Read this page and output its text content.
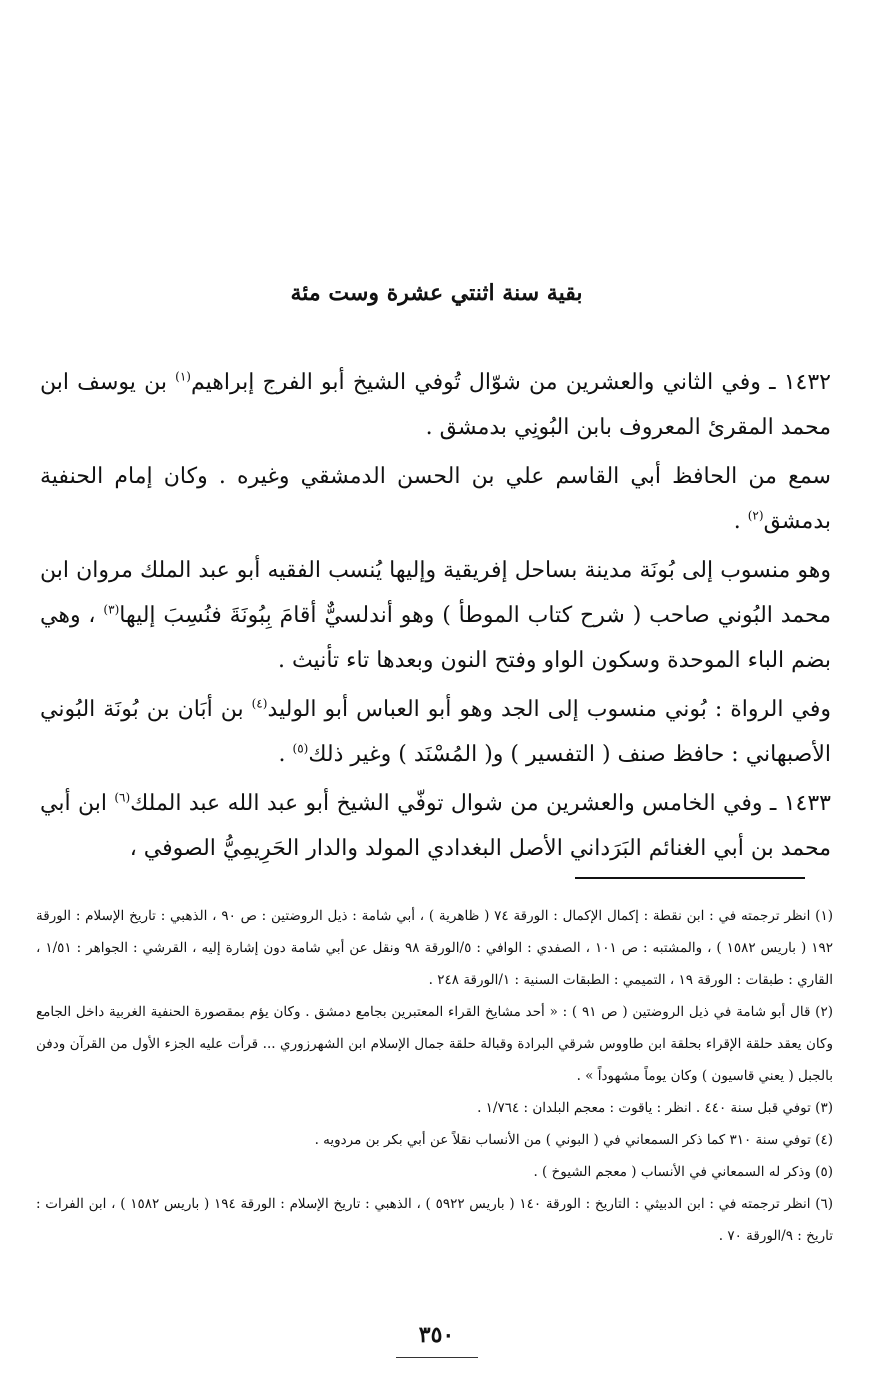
بقية سنة اثنتي عشرة وست مئة

١٤٣٢ ـ وفي الثاني والعشرين من شوّال تُوفي الشيخ أبو الفرج إبراهيم$^{(١)}$ بن يوسف ابن محمد المقرئ المعروف بابن البُونِي بدمشق .

سمع من الحافظ أبي القاسم علي بن الحسن الدمشقي وغيره . وكان إمام الحنفية بدمشق$^{(٢)}$ .

وهو منسوب إلى بُونَة مدينة بساحل إفريقية وإليها يُنسب الفقيه أبو عبد الملك مروان ابن محمد البُوني صاحب ( شرح كتاب الموطأ ) وهو أندلسيٌّ أقامَ بِبُونَةَ فنُسِبَ إليها$^{(٣)}$ ، وهي بضم الباء الموحدة وسكون الواو وفتح النون وبعدها تاء تأنيث .

وفي الرواة : بُوني منسوب إلى الجد وهو أبو العباس أبو الوليد$^{(٤)}$ بن أبَان بن بُونَة البُوني الأصبهاني : حافظ صنف ( التفسير ) و( المُسْنَد ) وغير ذلك$^{(٥)}$ .

١٤٣٣ ـ وفي الخامس والعشرين من شوال توفّي الشيخ أبو عبد الله عبد الملك$^{(٦)}$ ابن أبي محمد بن أبي الغنائم البَرَداني الأصل البغدادي المولد والدار الحَرِيمِيُّ الصوفي ،

(١) انظر ترجمته في : ابن نقطة : إكمال الإكمال : الورقة ٧٤ ( ظاهرية ) ، أبي شامة : ذيل الروضتين : ص ٩٠ ، الذهبي : تاريخ الإسلام : الورقة ١٩٢ ( باريس ١٥٨٢ ) ، والمشتبه : ص ١٠١ ، الصفدي : الوافي : ٥/الورقة ٩٨ ونقل عن أبي شامة دون إشارة إليه ، القرشي : الجواهر : ١/٥١ ، القاري : طبقات : الورقة ١٩ ، التميمي : الطبقات السنية : ١/الورقة ٢٤٨ .

(٢) قال أبو شامة في ذيل الروضتين ( ص ٩١ ) : « أحد مشايخ القراء المعتبرين بجامع دمشق . وكان يؤم بمقصورة الحنفية الغربية داخل الجامع وكان يعقد حلقة الإقراء بحلقة ابن طاووس شرقي البرادة وقبالة حلقة جمال الإسلام ابن الشهرزوري ... قرأت عليه الجزء الأول من القرآن ودفن بالجبل ( يعني قاسيون ) وكان يوماً مشهوداً » .

(٣) توفي قبل سنة ٤٤٠ . انظر : ياقوت : معجم البلدان : ١/٧٦٤ .

(٤) توفي سنة ٣١٠ كما ذكر السمعاني في ( البوني ) من الأنساب نقلاً عن أبي بكر بن مردويه .

(٥) وذكر له السمعاني في الأنساب ( معجم الشيوخ ) .

(٦) انظر ترجمته في : ابن الدبيثي : التاريخ : الورقة ١٤٠ ( باريس ٥٩٢٢ ) ، الذهبي : تاريخ الإسلام : الورقة ١٩٤ ( باريس ١٥٨٢ ) ، ابن الفرات : تاريخ : ٩/الورقة ٧٠ .

٣٥٠
